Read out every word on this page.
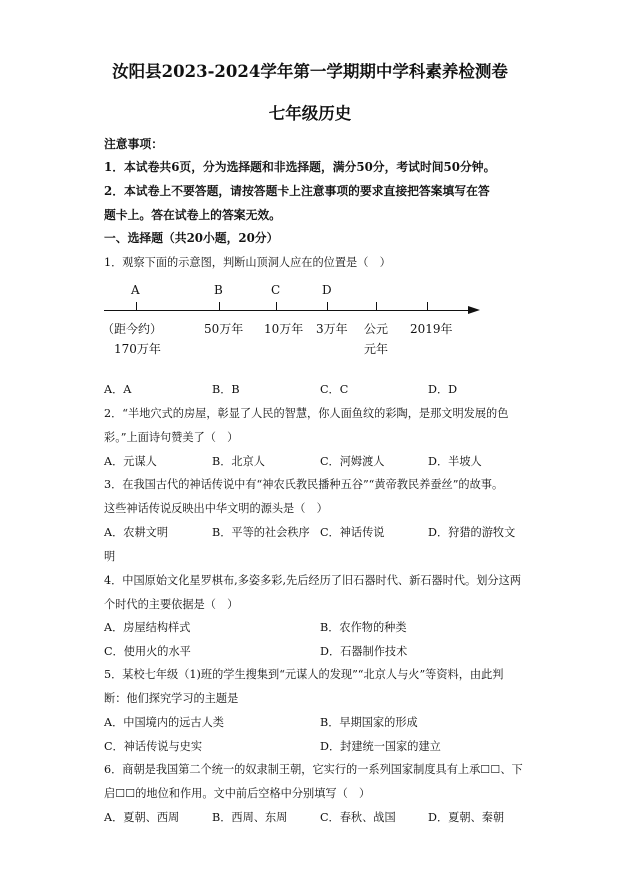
汝阳县2023-2024学年第一学期期中学科素养检测卷
七年级历史
注意事项：
1．本试卷共6页，分为选择题和非选择题，满分50分，考试时间50分钟。
2．本试卷上不要答题，请按答题卡上注意事项的要求直接把答案填写在答
题卡上。答在试卷上的答案无效。
一、选择题（共20小题，20分）
1．观察下面的示意图，判断山顶洞人应在的位置是（　）
A	B	C	D
（距今约）
170万年
50万年 10万年 3万年 公元
元年
2019年
A．A	B．B	C．C	D．D
2．“半地穴式的房屋，彰显了人民的智慧，你人面鱼纹的彩陶，是那文明发展的色
彩。”上面诗句赞美了（　）
A．元谋人	B．北京人	C．河姆渡人	D．半坡人
3．在我国古代的神话传说中有“神农氏教民播种五谷”“黄帝教民养蚕丝”的故事。
这些神话传说反映出中华文明的源头是（　）
A．农耕文明	B．平等的社会秩序 C．神话传说	D．狩猎的游牧文
明
4．中国原始文化星罗棋布,多姿多彩,先后经历了旧石器时代、新石器时代。划分这两
个时代的主要依据是（　）
A．房屋结构样式	B．农作物的种类
C．使用火的水平	D．石器制作技术
5．某校七年级（1)班的学生搜集到“元谋人的发现”“北京人与火”等资料，由此判
断：他们探究学习的主题是
A．中国境内的远古人类	B．早期国家的形成
C．神话传说与史实	D．封建统一国家的建立
6．商朝是我国第二个统一的奴隶制王朝，它实行的一系列国家制度具有上承☐☐、下
启☐☐的地位和作用。文中前后空格中分别填写（　）
A．夏朝、西周	B．西周、东周	C．春秋、战国	D．夏朝、秦朝
